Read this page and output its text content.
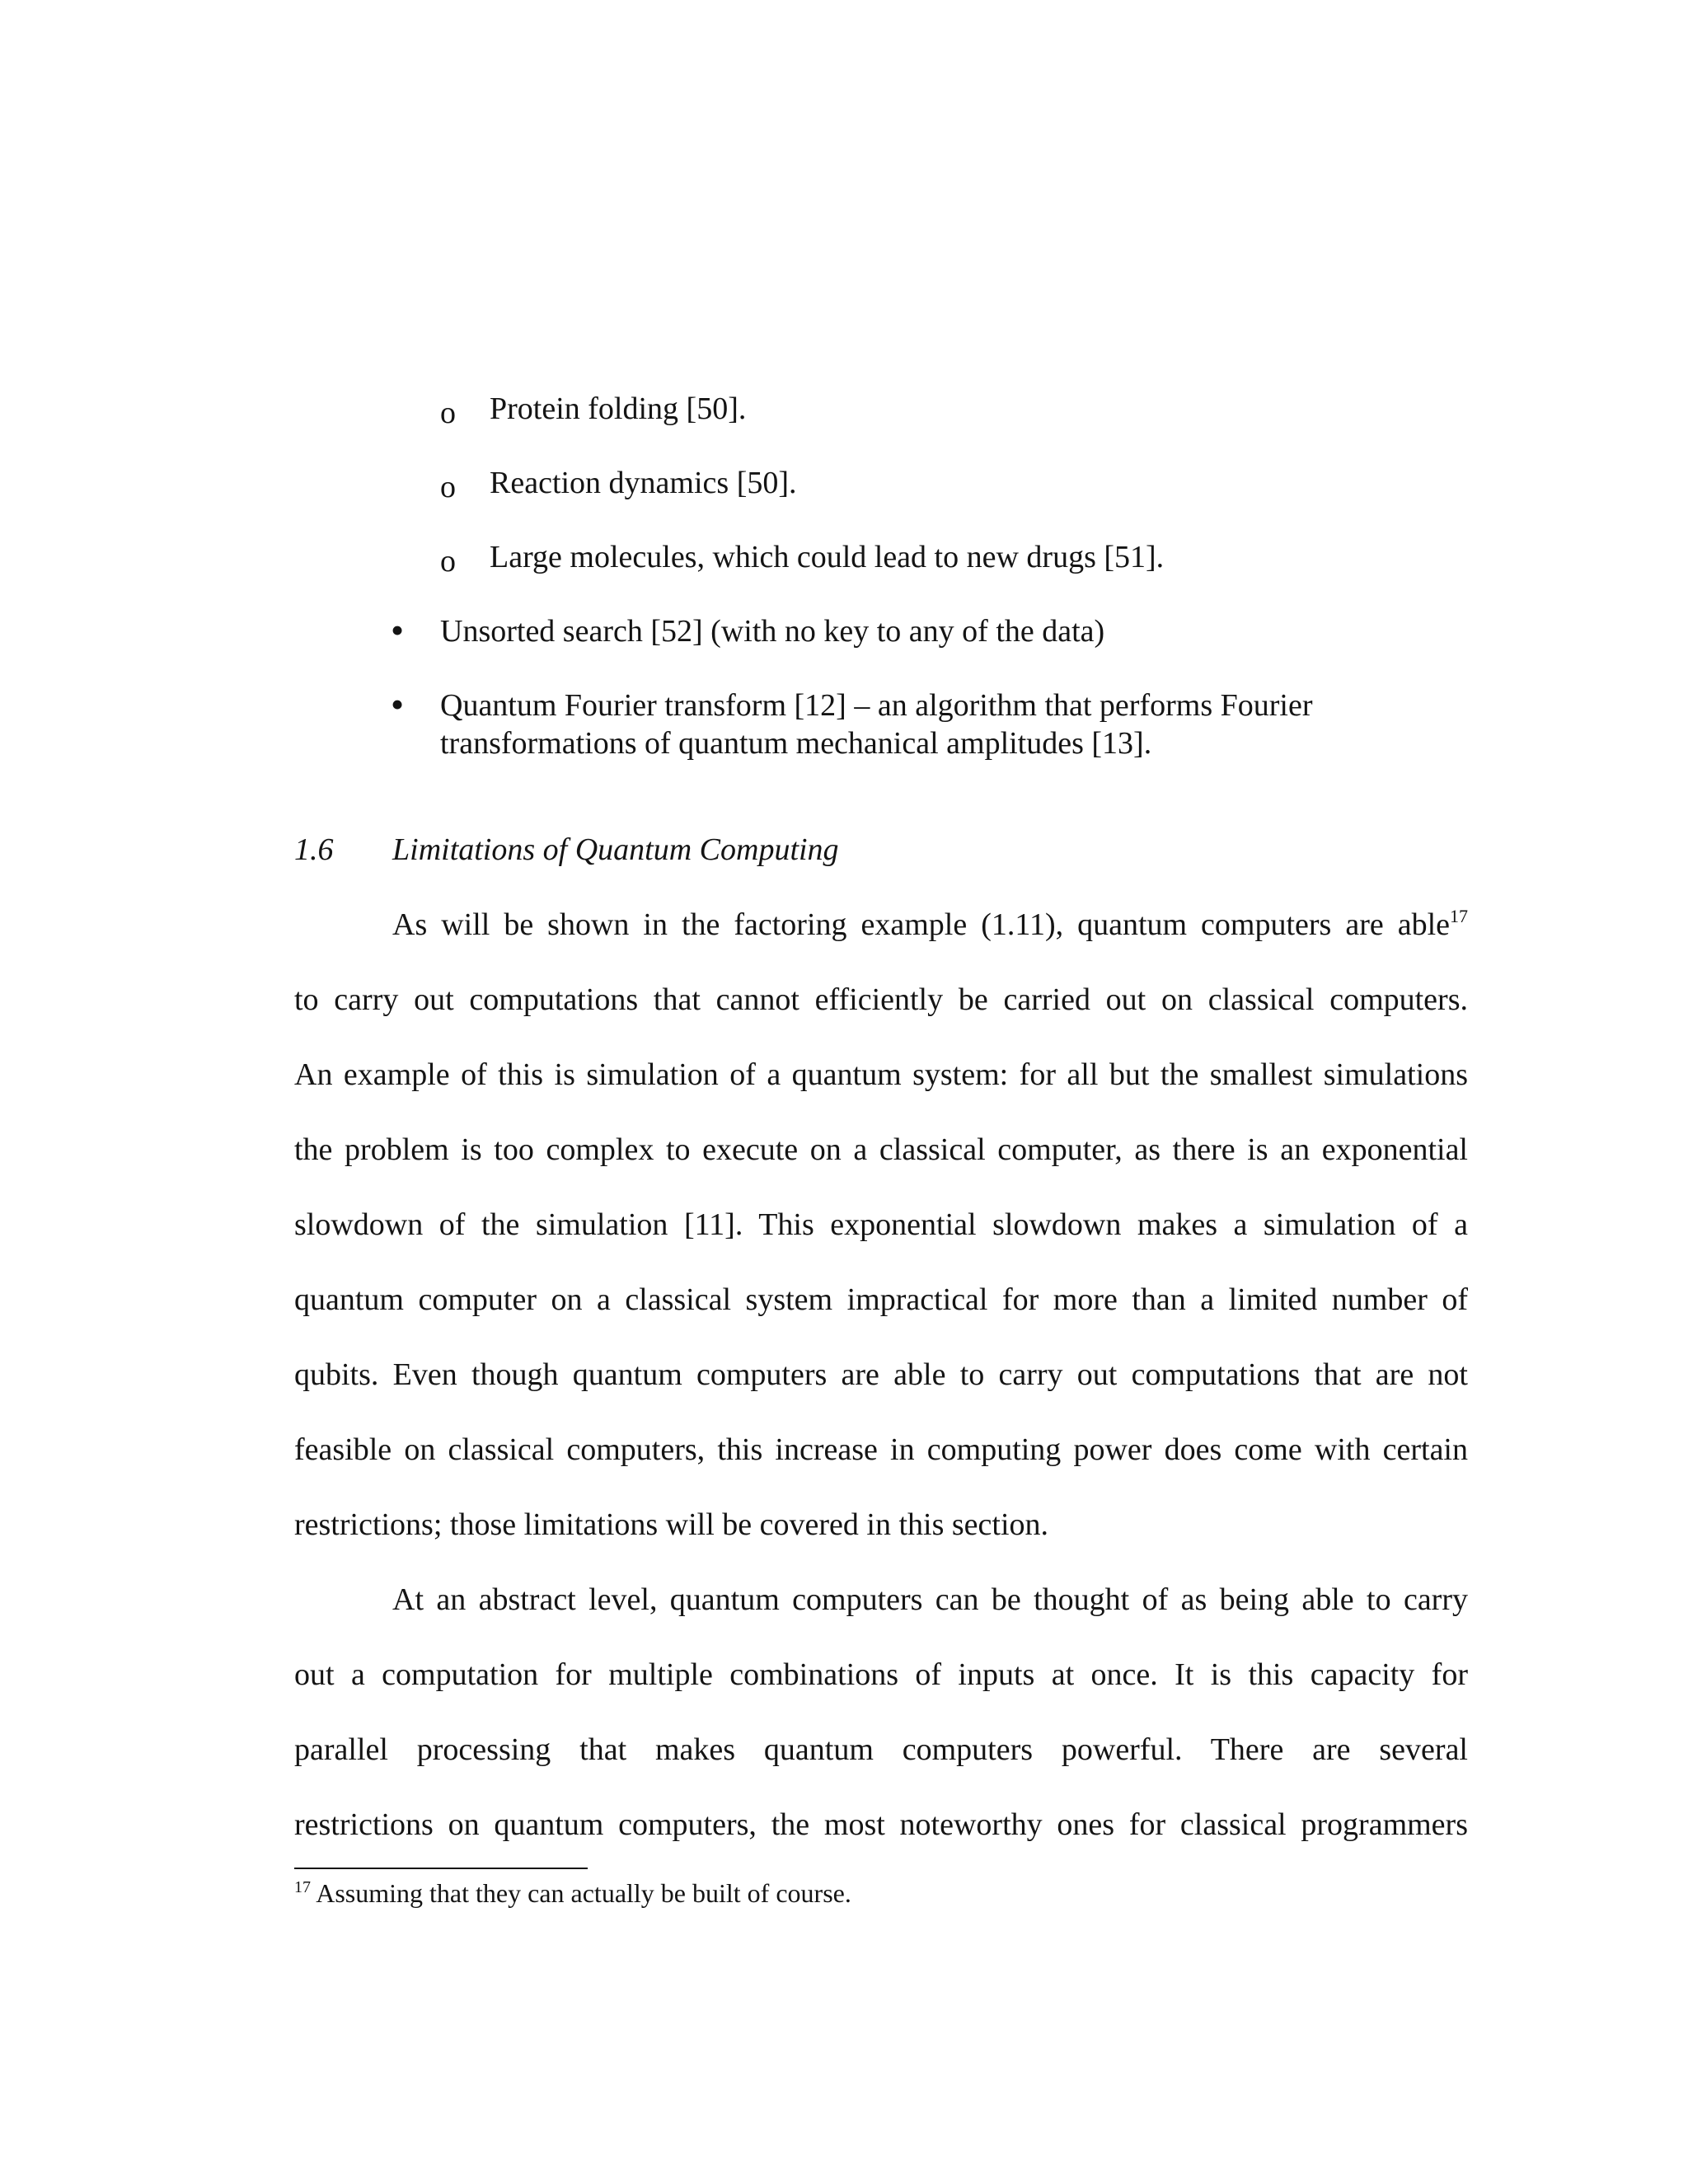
o Protein folding [50].
o Reaction dynamics [50].
o Large molecules, which could lead to new drugs [51].
• Unsorted search [52] (with no key to any of the data)
• Quantum Fourier transform [12] – an algorithm that performs Fourier
transformations of quantum mechanical amplitudes [13].
1.6 Limitations of Quantum Computing
As will be shown in the factoring example (1.11), quantum computers are able$^{17}$
to carry out computations that cannot efficiently be carried out on classical computers.
An example of this is simulation of a quantum system: for all but the smallest simulations
the problem is too complex to execute on a classical computer, as there is an exponential
slowdown of the simulation [11]. This exponential slowdown makes a simulation of a
quantum computer on a classical system impractical for more than a limited number of
qubits. Even though quantum computers are able to carry out computations that are not
feasible on classical computers, this increase in computing power does come with certain
restrictions; those limitations will be covered in this section.
At an abstract level, quantum computers can be thought of as being able to carry
out a computation for multiple combinations of inputs at once. It is this capacity for
parallel processing that makes quantum computers powerful. There are several
restrictions on quantum computers, the most noteworthy ones for classical programmers
$^{17}$ Assuming that they can actually be built of course.
